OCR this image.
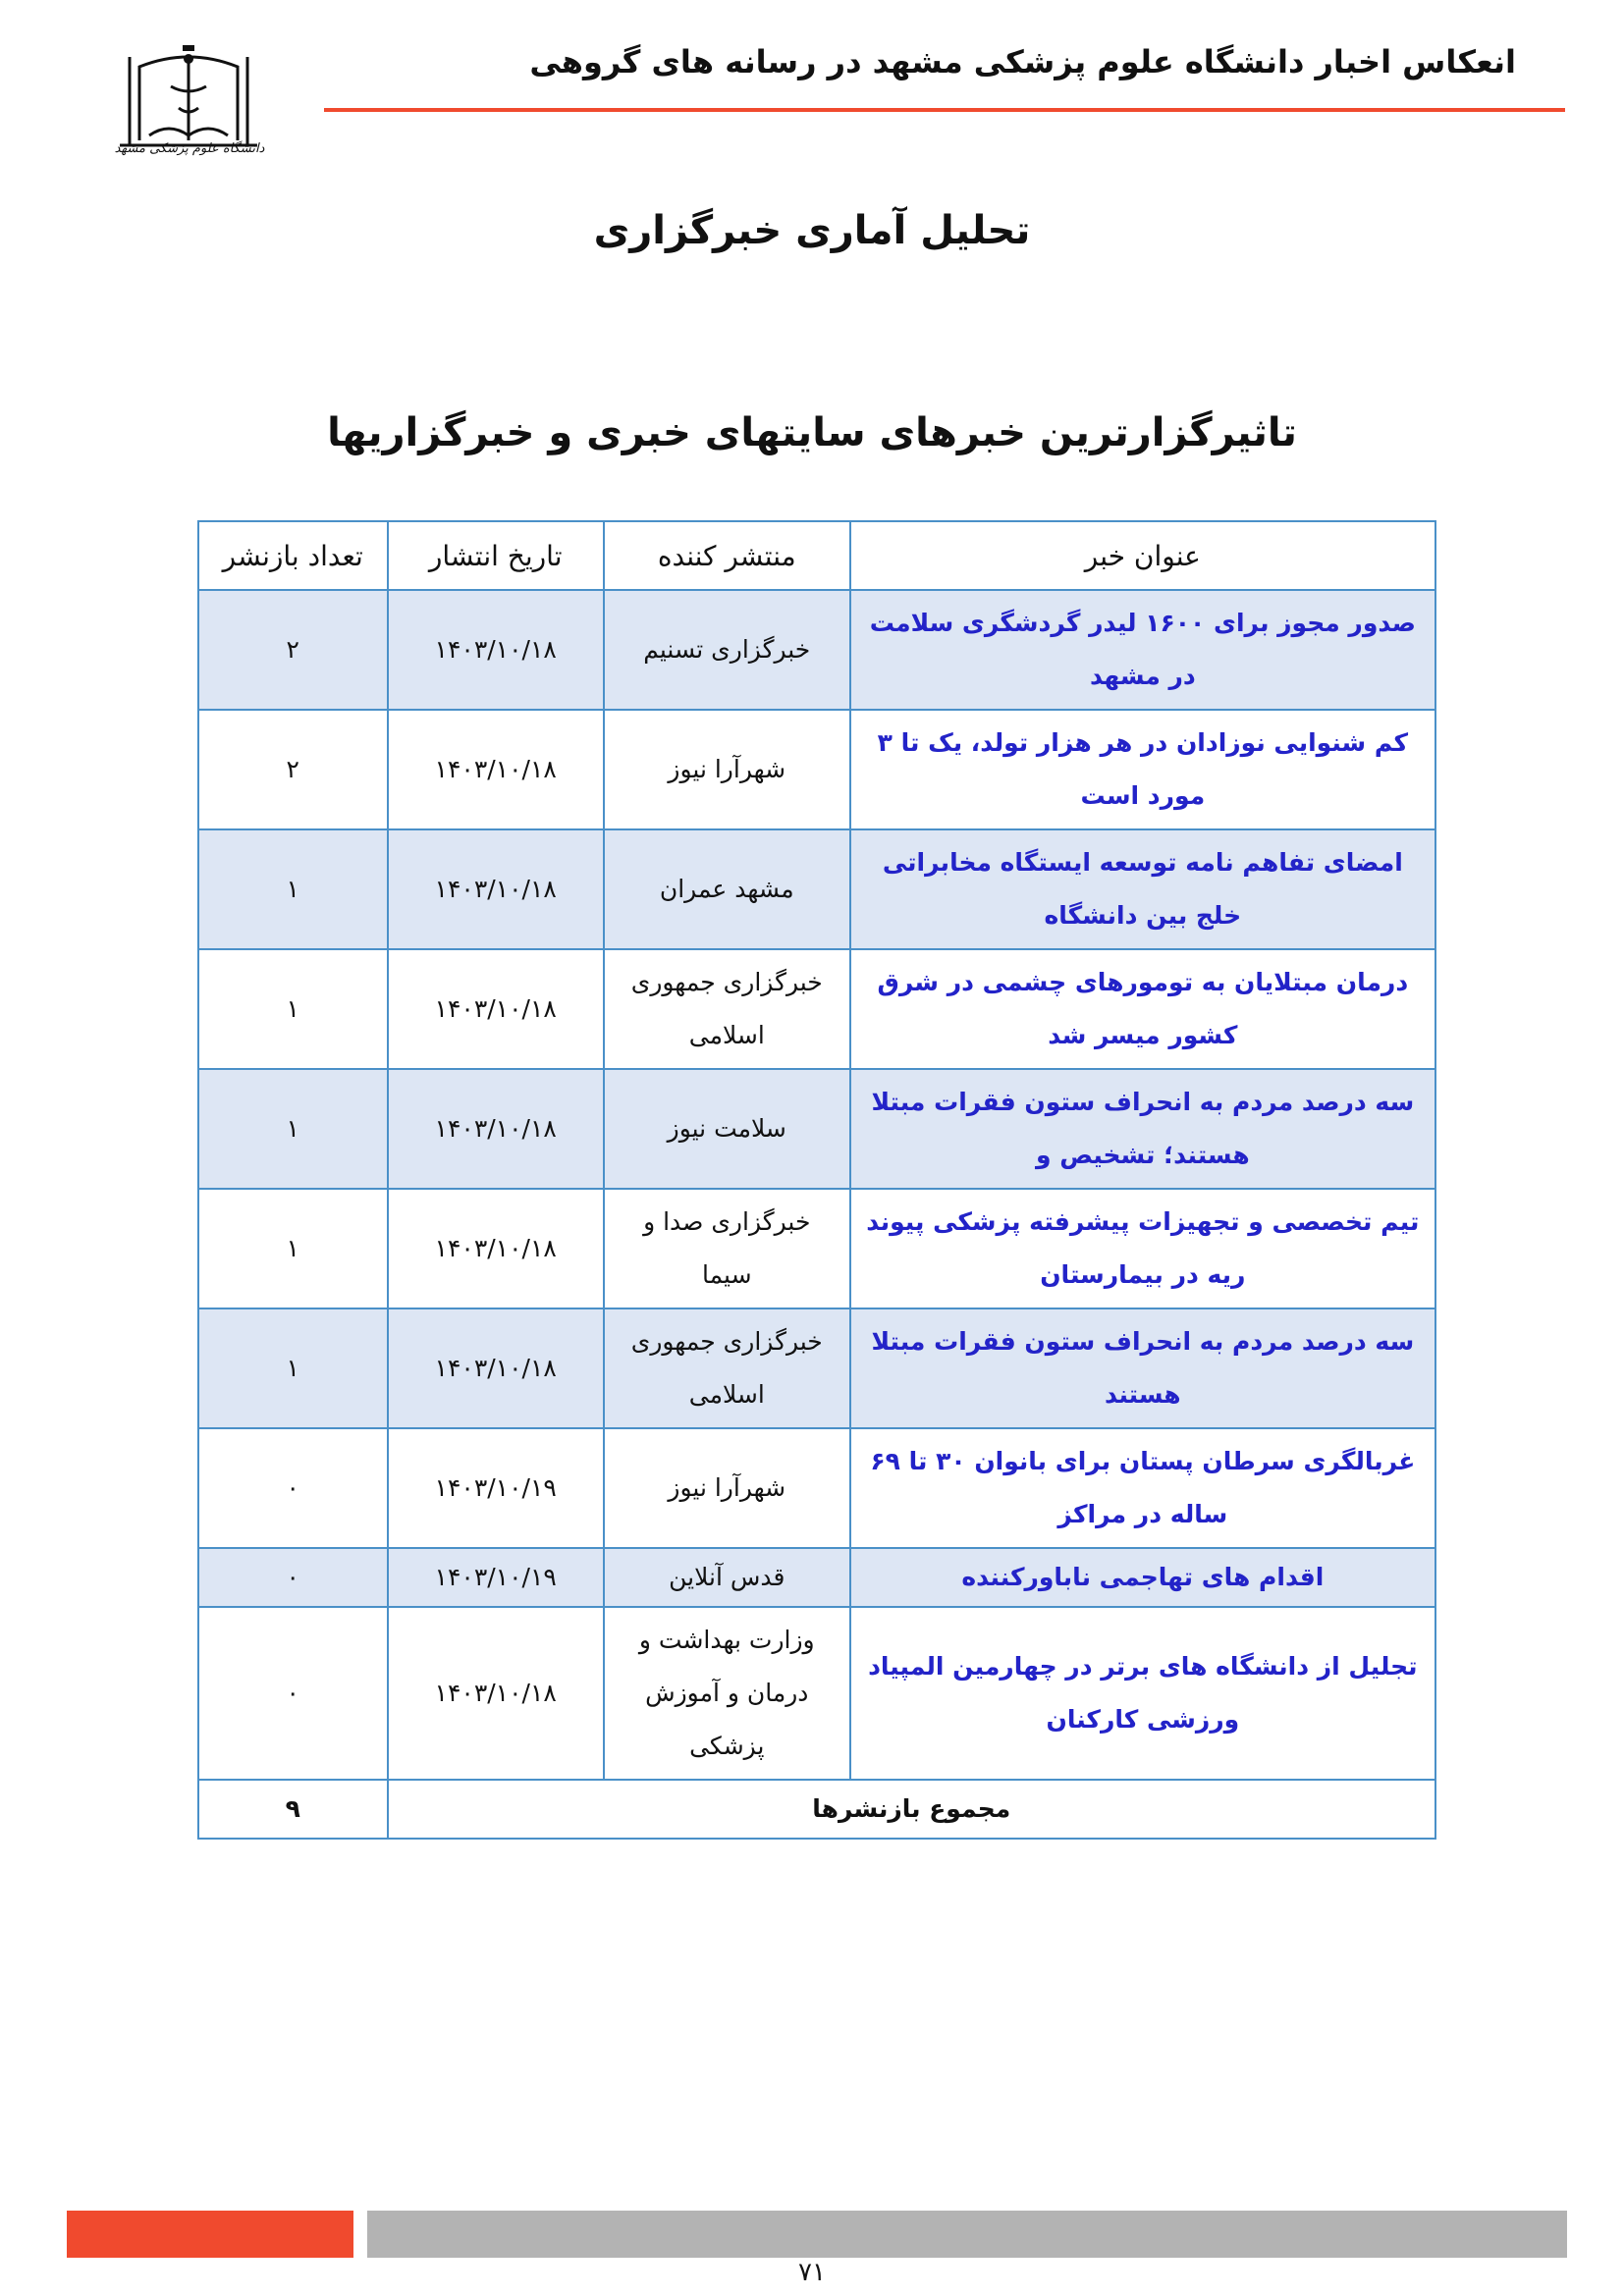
دانشگاه علوم پزشکی مشهد
انعکاس اخبار دانشگاه علوم پزشکی مشهد در رسانه های گروهی
تحلیل آماری خبرگزاری
تاثیرگزارترین خبرهای سایتهای خبری و خبرگزاریها
عنوان خبر	منتشر کننده	تاریخ انتشار	تعداد بازنشر
صدور مجوز برای ۱۶۰۰ لیدر گردشگری سلامت در مشهد	خبرگزاری تسنیم	۱۴۰۳/۱۰/۱۸	۲
کم شنوایی نوزادان در هر هزار تولد، یک تا ۳ مورد است	شهرآرا نیوز	۱۴۰۳/۱۰/۱۸	۲
امضای تفاهم نامه توسعه ایستگاه مخابراتی خلج بین دانشگاه	مشهد عمران	۱۴۰۳/۱۰/۱۸	۱
درمان مبتلایان به تومورهای چشمی در شرق کشور میسر شد	خبرگزاری جمهوری اسلامی	۱۴۰۳/۱۰/۱۸	۱
سه درصد مردم به انحراف ستون فقرات مبتلا هستند؛ تشخیص و	سلامت نیوز	۱۴۰۳/۱۰/۱۸	۱
تیم تخصصی و تجهیزات پیشرفته پزشکی پیوند ریه در بیمارستان	خبرگزاری صدا و سیما	۱۴۰۳/۱۰/۱۸	۱
سه درصد مردم به انحراف ستون فقرات مبتلا هستند	خبرگزاری جمهوری اسلامی	۱۴۰۳/۱۰/۱۸	۱
غربالگری سرطان پستان برای بانوان ۳۰ تا ۶۹ ساله در مراکز	شهرآرا نیوز	۱۴۰۳/۱۰/۱۹	۰
اقدام های تهاجمی ناباورکننده	قدس آنلاین	۱۴۰۳/۱۰/۱۹	۰
تجلیل از دانشگاه های برتر در چهارمین المپیاد ورزشی کارکنان	وزارت بهداشت و درمان و آموزش پزشکی	۱۴۰۳/۱۰/۱۸	۰
مجموع بازنشرها			۹
۷۱
